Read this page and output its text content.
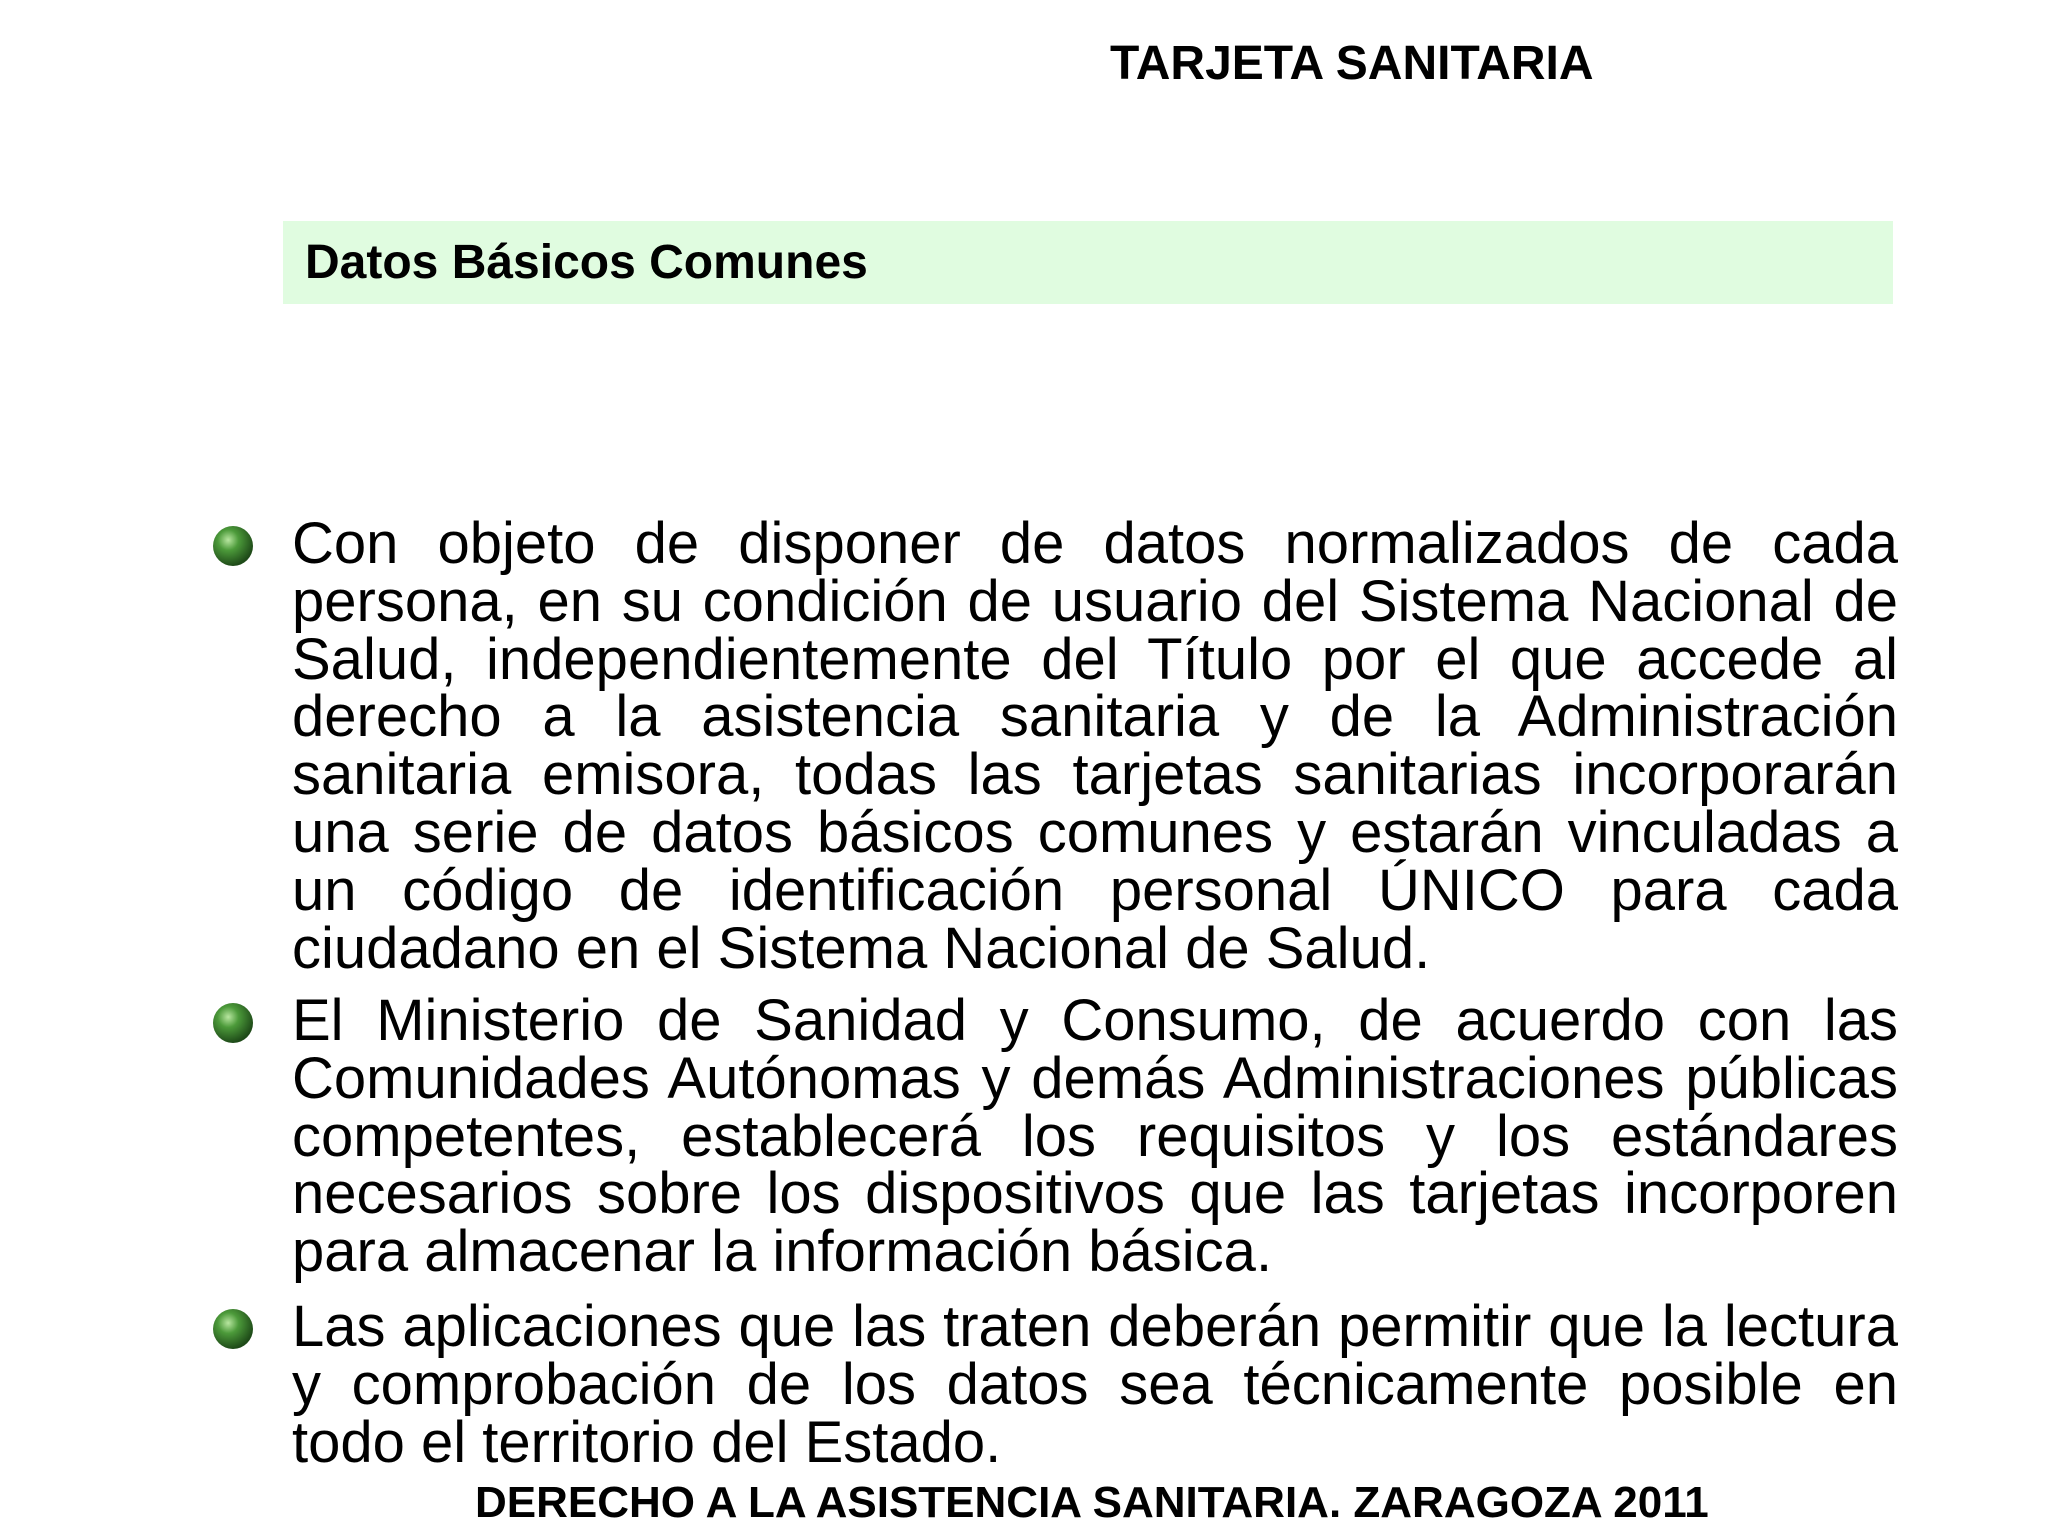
TARJETA SANITARIA
Datos Básicos Comunes
Con objeto de disponer de datos normalizados de cada persona, en su condición de usuario del Sistema Nacional de Salud, independientemente del Título por el que accede al derecho a la asistencia sanitaria y de la Administración sanitaria emisora, todas las tarjetas sanitarias incorporarán una serie de datos básicos comunes y estarán vinculadas a un código de identificación personal ÚNICO para cada ciudadano en el Sistema Nacional de Salud.
El Ministerio de Sanidad y Consumo, de acuerdo con las Comunidades Autónomas y demás Administraciones públicas competentes, establecerá los requisitos y los estándares necesarios sobre los dispositivos que las tarjetas incorporen para almacenar la información básica.
Las aplicaciones que las traten deberán permitir que la lectura y comprobación de los datos sea técnicamente posible en todo el territorio del Estado.
DERECHO A LA ASISTENCIA SANITARIA. ZARAGOZA 2011
